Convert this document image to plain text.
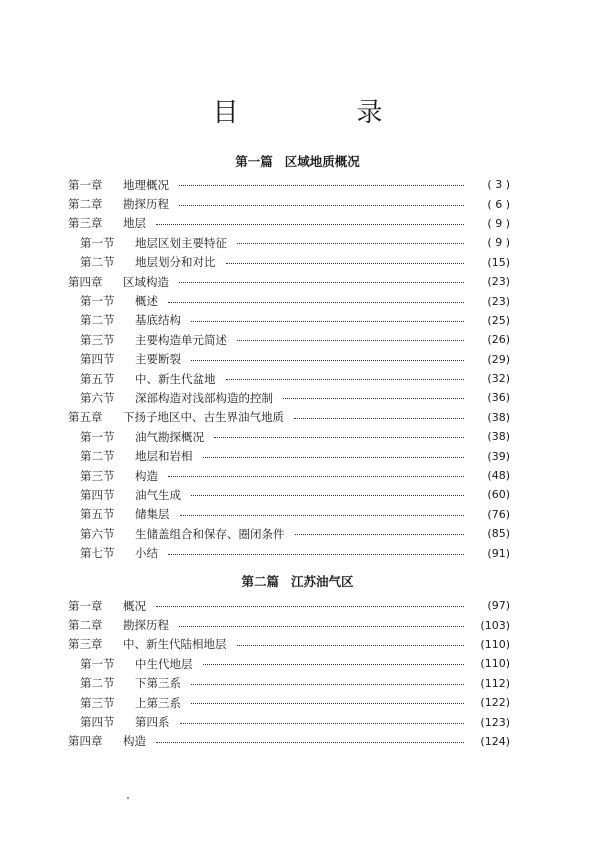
目　录
第一篇 区域地质概况
第一章	地理概况	( 3 )
第二章	勘探历程	( 6 )
第三章	地层	( 9 )
第一节	地层区划主要特征	( 9 )
第二节	地层划分和对比	(15)
第四章	区域构造	(23)
第一节	概述	(23)
第二节	基底结构	(25)
第三节	主要构造单元简述	(26)
第四节	主要断裂	(29)
第五节	中、新生代盆地	(32)
第六节	深部构造对浅部构造的控制	(36)
第五章	下扬子地区中、古生界油气地质	(38)
第一节	油气勘探概况	(38)
第二节	地层和岩相	(39)
第三节	构造	(48)
第四节	油气生成	(60)
第五节	储集层	(76)
第六节	生储盖组合和保存、圈闭条件	(85)
第七节	小结	(91)
第二篇 江苏油气区
第一章	概况	(97)
第二章	勘探历程	(103)
第三章	中、新生代陆相地层	(110)
第一节	中生代地层	(110)
第二节	下第三系	(112)
第三节	上第三系	(122)
第四节	第四系	(123)
第四章	构造	(124)
